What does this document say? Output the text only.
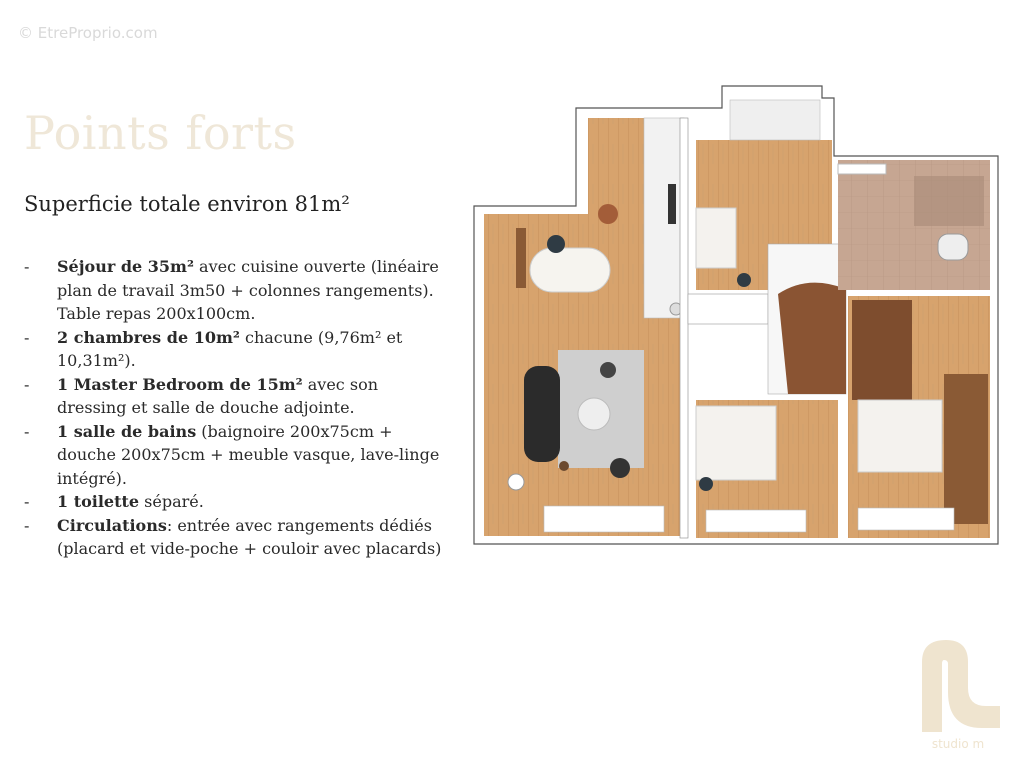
© EtreProprio.com
Points forts
Superficie totale environ 81m²
- Séjour de 35m² avec cuisine ouverte (linéaire plan de travail 3m50 + colonnes rangements). Table repas 200x100cm.
- 2 chambres de 10m² chacune (9,76m² et 10,31m²).
- 1 Master Bedroom de 15m² avec son dressing et salle de douche adjointe.
- 1 salle de bains (baignoire 200x75cm + douche 200x75cm + meuble vasque, lave-linge intégré).
- 1 toilette séparé.
- Circulations: entrée avec rangements dédiés (placard et vide-poche + couloir avec placards)
studio m
